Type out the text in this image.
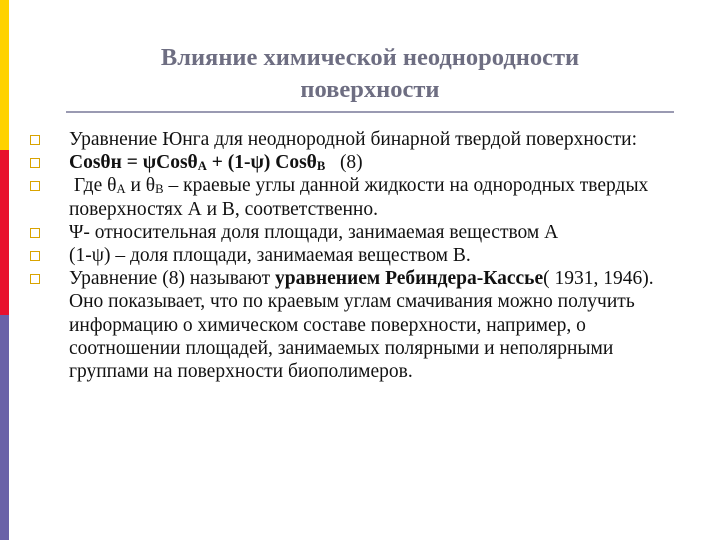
Влияние химической неоднородности поверхности
Уравнение Юнга для неоднородной бинарной твердой поверхности:
Cosθн = ψCosθ$_A$ + (1-ψ) Cosθ$_B$   (8)
Где $\theta_A$ и $\theta_B$ – краевые углы данной жидкости на однородных твердых поверхностях А и В, соответственно.
Ψ- относительная доля площади, занимаемая веществом А
(1-ψ) – доля площади, занимаемая веществом В.
Уравнение (8) называют уравнением Ребиндера-Кассье( 1931, 1946). Оно показывает, что по краевым углам смачивания можно получить информацию о химическом составе поверхности, например, о соотношении площадей, занимаемых полярными и неполярными группами на поверхности биополимеров.
